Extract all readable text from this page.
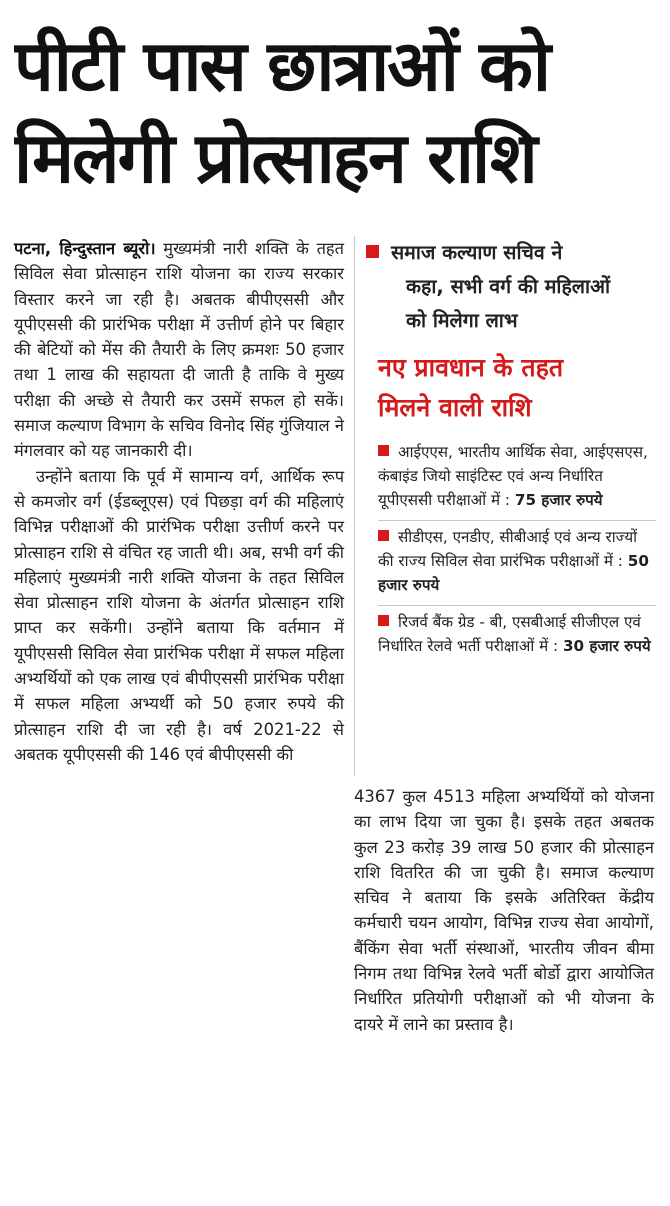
पीटी पास छात्राओं को
मिलेगी प्रोत्साहन राशि

पटना, हिन्दुस्तान ब्यूरो। मुख्यमंत्री नारी शक्ति के तहत सिविल सेवा प्रोत्साहन राशि योजना का राज्य सरकार विस्तार करने जा रही है। अबतक बीपीएससी और यूपीएससी की प्रारंभिक परीक्षा में उत्तीर्ण होने पर बिहार की बेटियों को मेंस की तैयारी के लिए क्रमशः 50 हजार तथा 1 लाख की सहायता दी जाती है ताकि वे मुख्य परीक्षा की अच्छे से तैयारी कर उसमें सफल हो सकें। समाज कल्याण विभाग के सचिव विनोद सिंह गुंजियाल ने मंगलवार को यह जानकारी दी।

उन्होंने बताया कि पूर्व में सामान्य वर्ग, आर्थिक रूप से कमजोर वर्ग (ईडब्लूएस) एवं पिछड़ा वर्ग की महिलाएं विभिन्न परीक्षाओं की प्रारंभिक परीक्षा उत्तीर्ण करने पर प्रोत्साहन राशि से वंचित रह जाती थी। अब, सभी वर्ग की महिलाएं मुख्यमंत्री नारी शक्ति योजना के तहत सिविल सेवा प्रोत्साहन राशि योजना के अंतर्गत प्रोत्साहन राशि प्राप्त कर सकेंगी। उन्होंने बताया कि वर्तमान में यूपीएससी सिविल सेवा प्रारंभिक परीक्षा में सफल महिला अभ्यर्थियों को एक लाख एवं बीपीएससी प्रारंभिक परीक्षा में सफल महिला अभ्यर्थी को 50 हजार रुपये की प्रोत्साहन राशि दी जा रही है। वर्ष 2021-22 से अबतक यूपीएससी की 146 एवं बीपीएससी की

समाज कल्याण सचिव ने
कहा, सभी वर्ग की महिलाओं
को मिलेगा लाभ
नए प्रावधान के तहत
मिलने वाली राशि
आईएएस, भारतीय आर्थिक सेवा, आईएसएस, कंबाइंड जियो साइंटिस्ट एवं अन्य निर्धारित यूपीएससी परीक्षाओं में : 75 हजार रुपये
सीडीएस, एनडीए, सीबीआई एवं अन्य राज्यों की राज्य सिविल सेवा प्रारंभिक परीक्षाओं में : 50 हजार रुपये
रिजर्व बैंक ग्रेड - बी, एसबीआई सीजीएल एवं निर्धारित रेलवे भर्ती परीक्षाओं में : 30 हजार रुपये

4367 कुल 4513 महिला अभ्यर्थियों को योजना का लाभ दिया जा चुका है। इसके तहत अबतक कुल 23 करोड़ 39 लाख 50 हजार की प्रोत्साहन राशि वितरित की जा चुकी है। समाज कल्याण सचिव ने बताया कि इसके अतिरिक्त केंद्रीय कर्मचारी चयन आयोग, विभिन्न राज्य सेवा आयोगों, बैंकिंग सेवा भर्ती संस्थाओं, भारतीय जीवन बीमा निगम तथा विभिन्न रेलवे भर्ती बोर्डो द्वारा आयोजित निर्धारित प्रतियोगी परीक्षाओं को भी योजना के दायरे में लाने का प्रस्ताव है।
